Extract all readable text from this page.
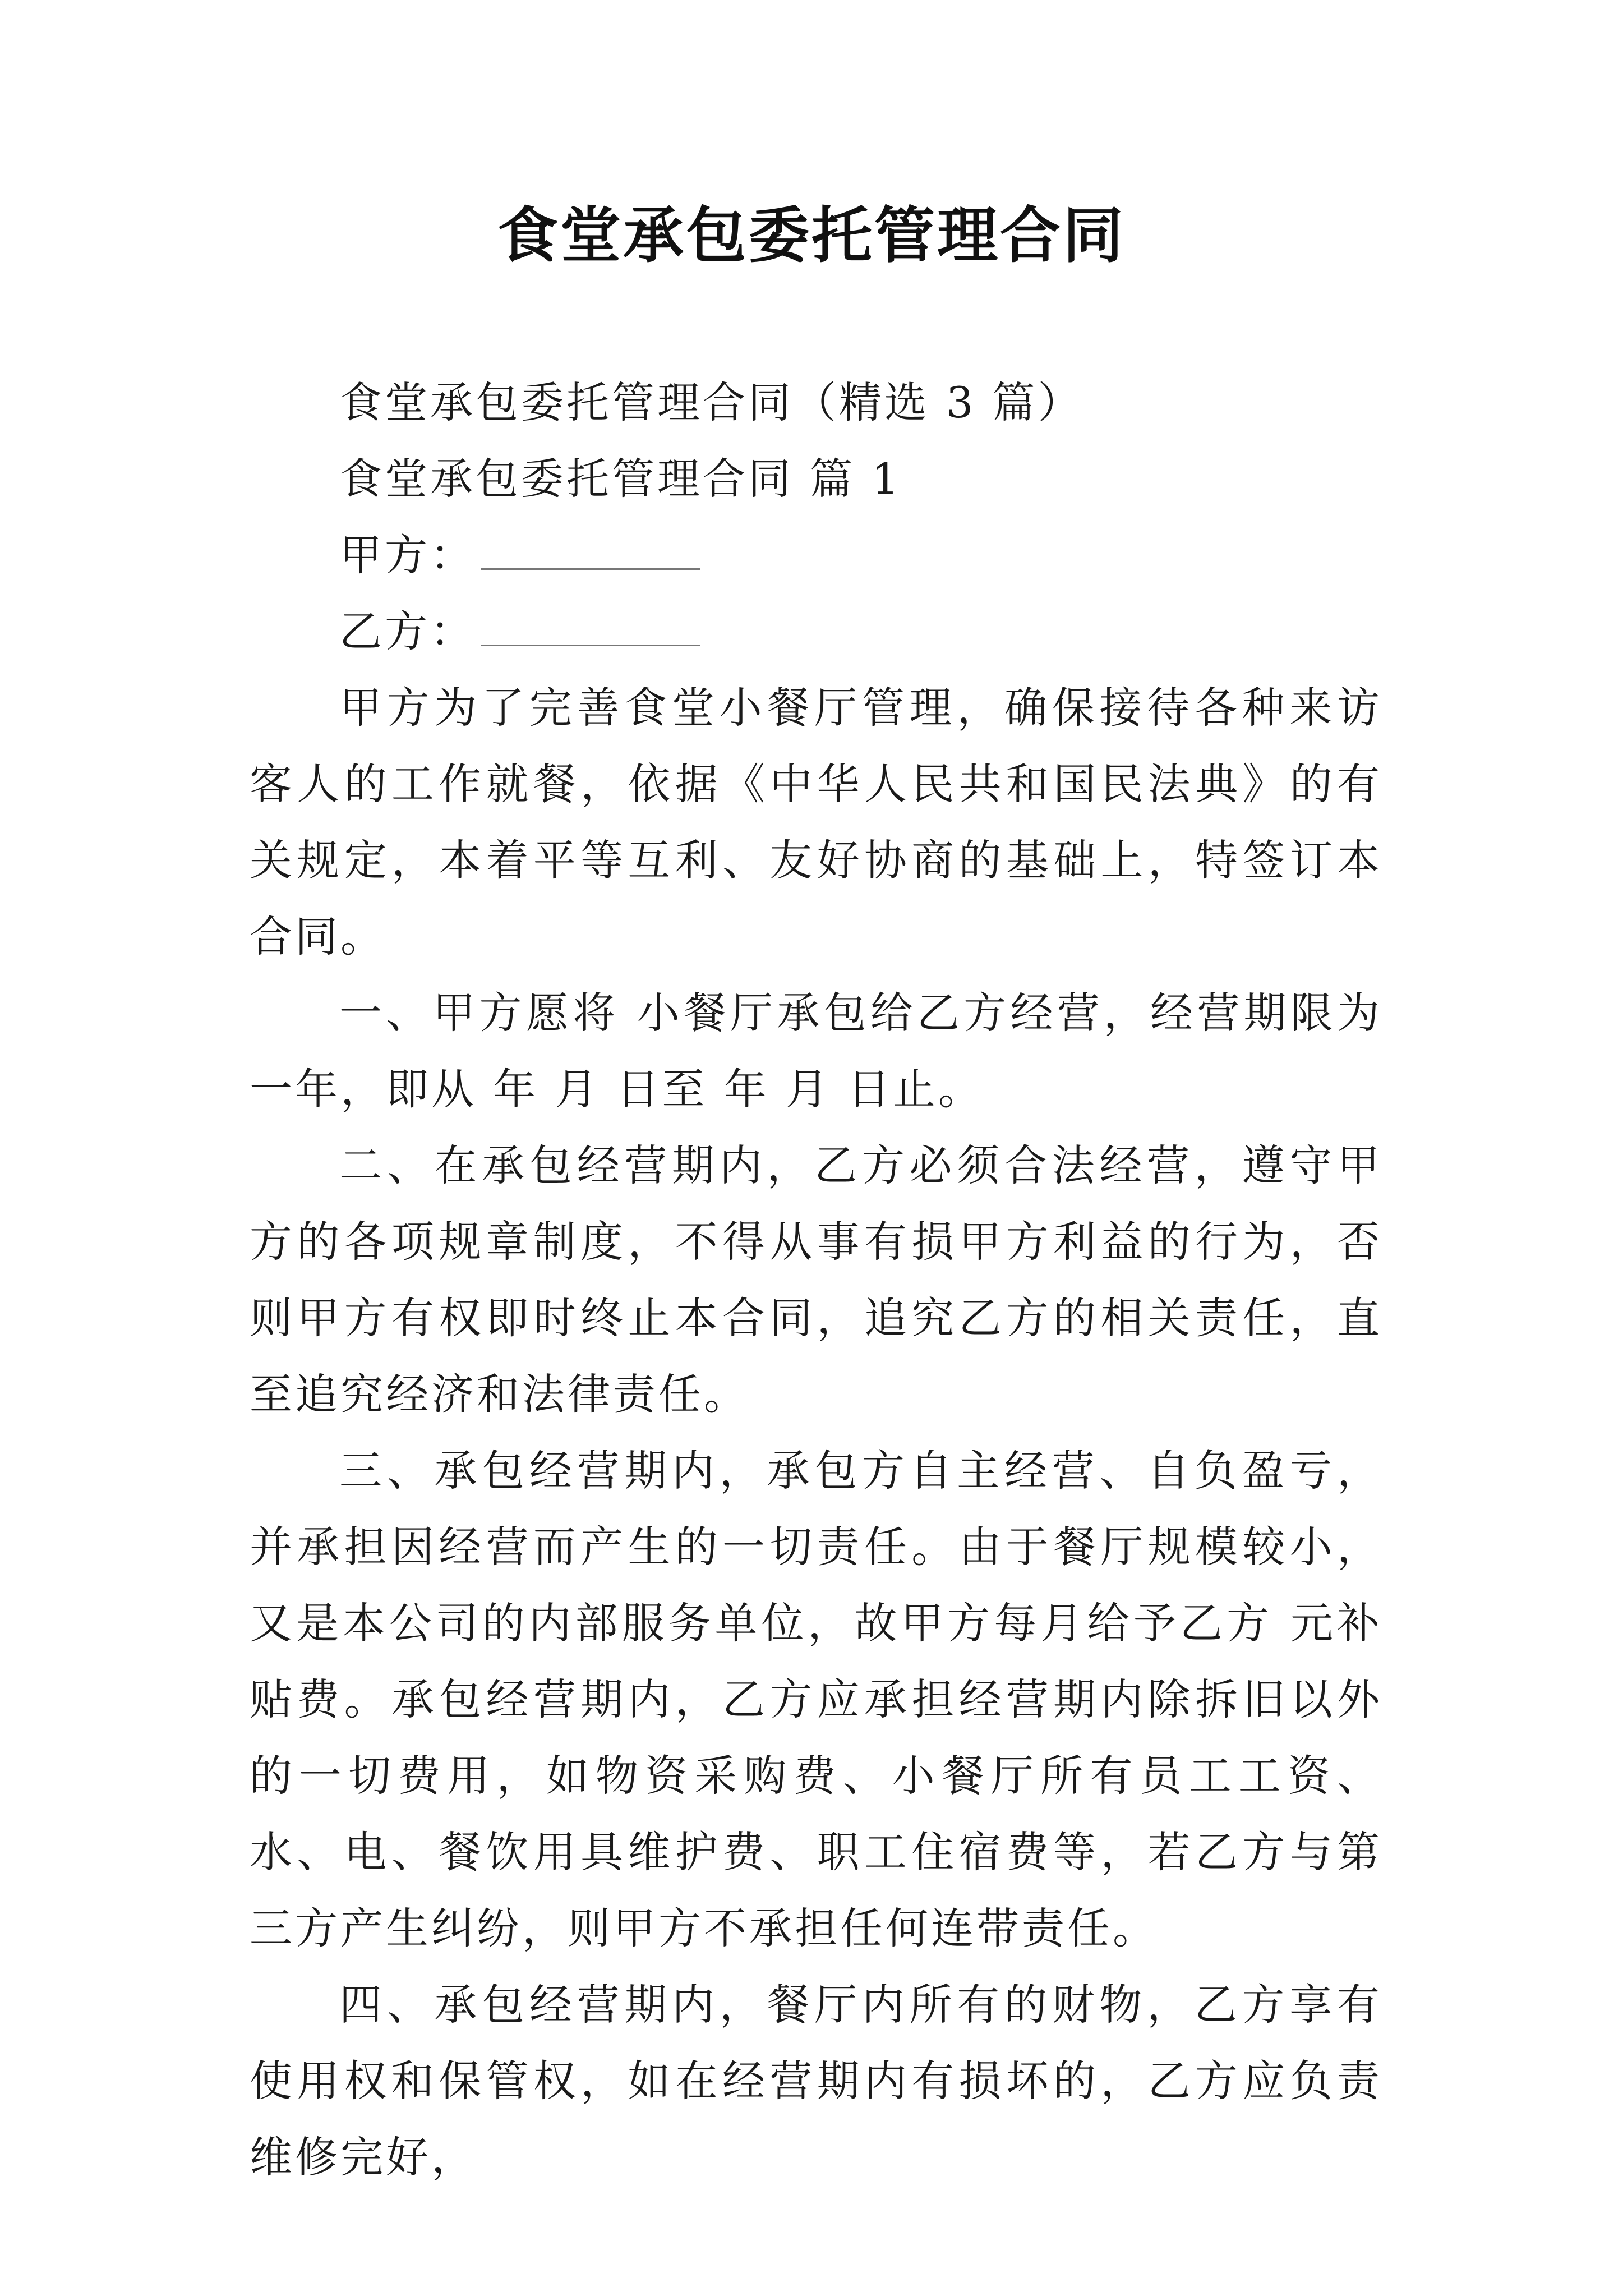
食堂承包委托管理合同
食堂承包委托管理合同（精选 3 篇）
食堂承包委托管理合同 篇 1
甲方：
乙方：

甲方为了完善食堂小餐厅管理，确保接待各种来访客人的工作就餐，依据《中华人民共和国民法典》的有关规定，本着平等互利、友好协商的基础上，特签订本合同。

一、甲方愿将 小餐厅承包给乙方经营，经营期限为一年，即从 年 月 日至 年 月 日止。

二、在承包经营期内，乙方必须合法经营，遵守甲方的各项规章制度，不得从事有损甲方利益的行为，否则甲方有权即时终止本合同，追究乙方的相关责任，直至追究经济和法律责任。

三、承包经营期内，承包方自主经营、自负盈亏，并承担因经营而产生的一切责任。由于餐厅规模较小，又是本公司的内部服务单位，故甲方每月给予乙方 元补贴费。承包经营期内，乙方应承担经营期内除拆旧以外的一切费用，如物资采购费、小餐厅所有员工工资、水、电、餐饮用具维护费、职工住宿费等，若乙方与第三方产生纠纷，则甲方不承担任何连带责任。

四、承包经营期内，餐厅内所有的财物，乙方享有使用权和保管权，如在经营期内有损坏的，乙方应负责维修完好，
